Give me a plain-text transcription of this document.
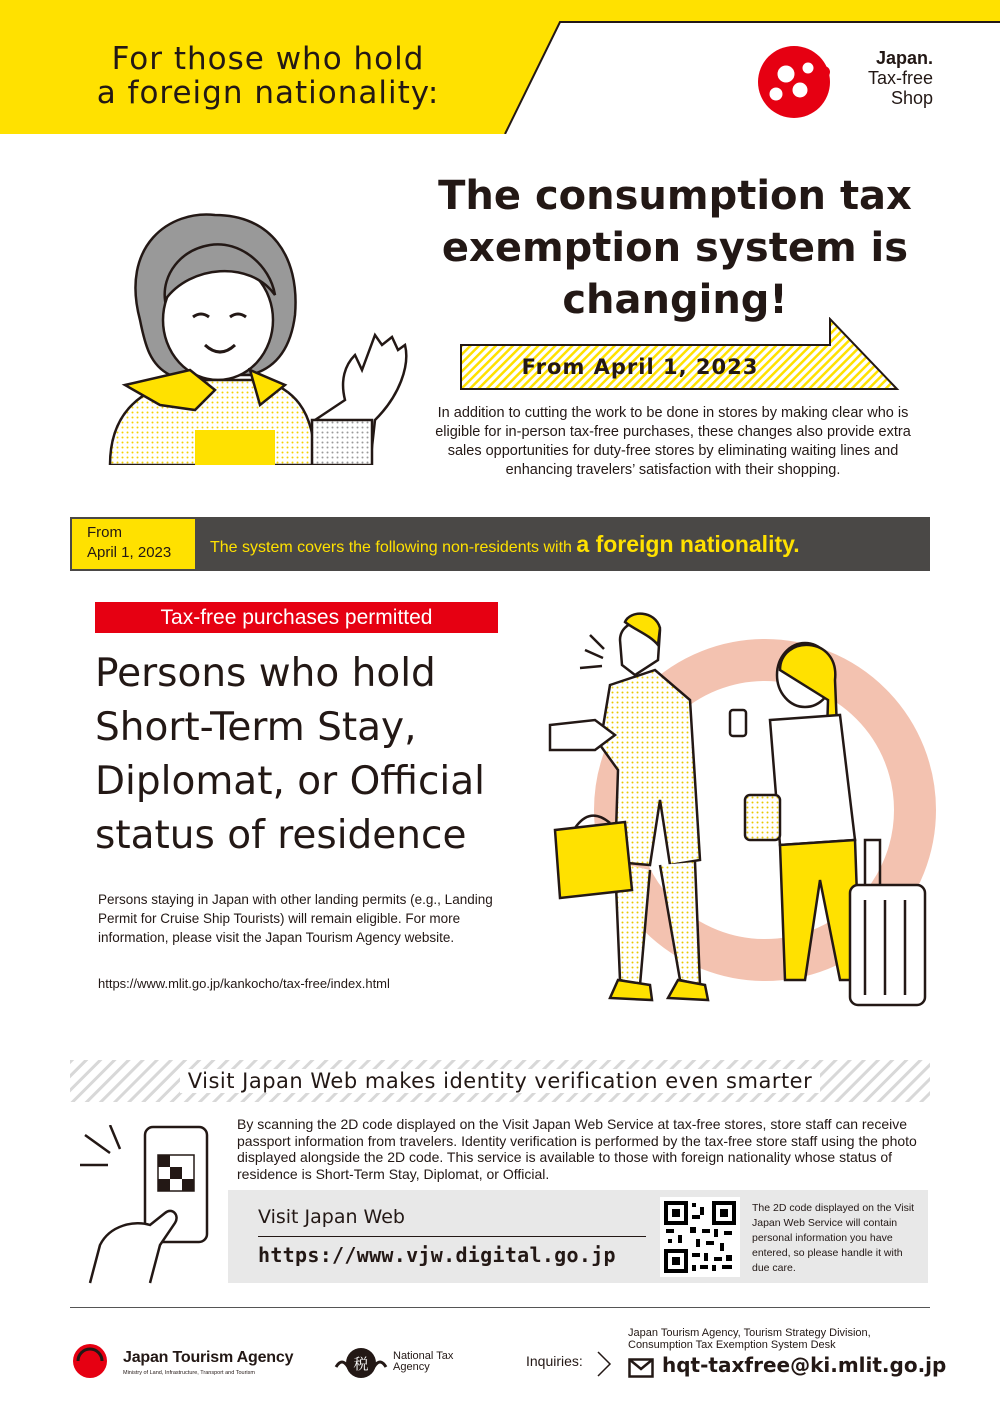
For those who hold
a foreign nationality:
Japan.
Tax-free
Shop
The consumption tax
exemption system is
changing!
From April 1, 2023
In addition to cutting the work to be done in stores by making clear who is eligible for in-person tax-free purchases, these changes also provide extra sales opportunities for duty-free stores by eliminating waiting lines and enhancing travelers’ satisfaction with their shopping.
From
April 1, 2023	The system covers the following non-residents with a foreign nationality.
Tax-free purchases permitted
Persons who hold
Short-Term Stay,
Diplomat, or Official
status of residence
Persons staying in Japan with other landing permits (e.g., Landing Permit for Cruise Ship Tourists) will remain eligible. For more information, please visit the Japan Tourism Agency website.
https://www.mlit.go.jp/kankocho/tax-free/index.html
Visit Japan Web makes identity verification even smarter
By scanning the 2D code displayed on the Visit Japan Web Service at tax-free stores, store staff can receive passport information from travelers. Identity verification is performed by the tax-free store staff using the photo displayed alongside the 2D code. This service is available to those with foreign nationality whose status of residence is Short-Term Stay, Diplomat, or Official.
Visit Japan Web
https://www.vjw.digital.go.jp
The 2D code displayed on the Visit Japan Web Service will contain personal information you have entered, so please handle it with due care.
Japan Tourism Agency
Ministry of Land, Infrastructure, Transport and Tourism	税 National Tax
Agency	Inquiries:
Japan Tourism Agency, Tourism Strategy Division,
Consumption Tax Exemption System Desk
hqt-taxfree@ki.mlit.go.jp
